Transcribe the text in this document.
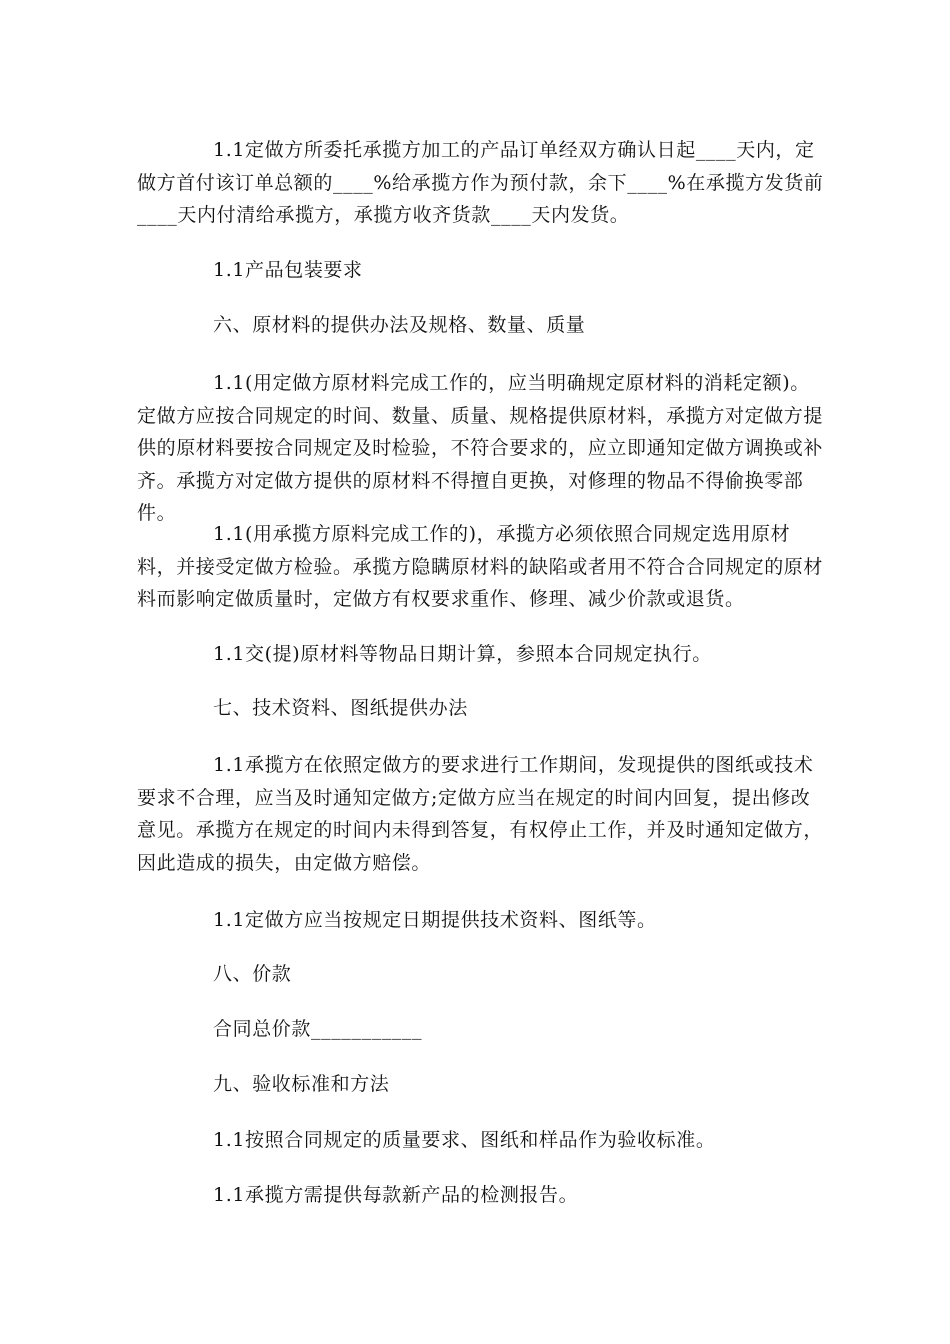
1.1定做方所委托承揽方加工的产品订单经双方确认日起____天内，定做方首付该订单总额的____%给承揽方作为预付款，余下____%在承揽方发货前____天内付清给承揽方，承揽方收齐货款____天内发货。

1.1产品包装要求

六、原材料的提供办法及规格、数量、质量

1.1(用定做方原材料完成工作的，应当明确规定原材料的消耗定额)。定做方应按合同规定的时间、数量、质量、规格提供原材料，承揽方对定做方提供的原材料要按合同规定及时检验，不符合要求的，应立即通知定做方调换或补齐。承揽方对定做方提供的原材料不得擅自更换，对修理的物品不得偷换零部件。

1.1(用承揽方原料完成工作的)，承揽方必须依照合同规定选用原材料，并接受定做方检验。承揽方隐瞒原材料的缺陷或者用不符合合同规定的原材料而影响定做质量时，定做方有权要求重作、修理、减少价款或退货。

1.1交(提)原材料等物品日期计算，参照本合同规定执行。

七、技术资料、图纸提供办法

1.1承揽方在依照定做方的要求进行工作期间，发现提供的图纸或技术要求不合理，应当及时通知定做方;定做方应当在规定的时间内回复，提出修改意见。承揽方在规定的时间内未得到答复，有权停止工作，并及时通知定做方，因此造成的损失，由定做方赔偿。

1.1定做方应当按规定日期提供技术资料、图纸等。

八、价款

合同总价款___________

九、验收标准和方法

1.1按照合同规定的质量要求、图纸和样品作为验收标准。

1.1承揽方需提供每款新产品的检测报告。
